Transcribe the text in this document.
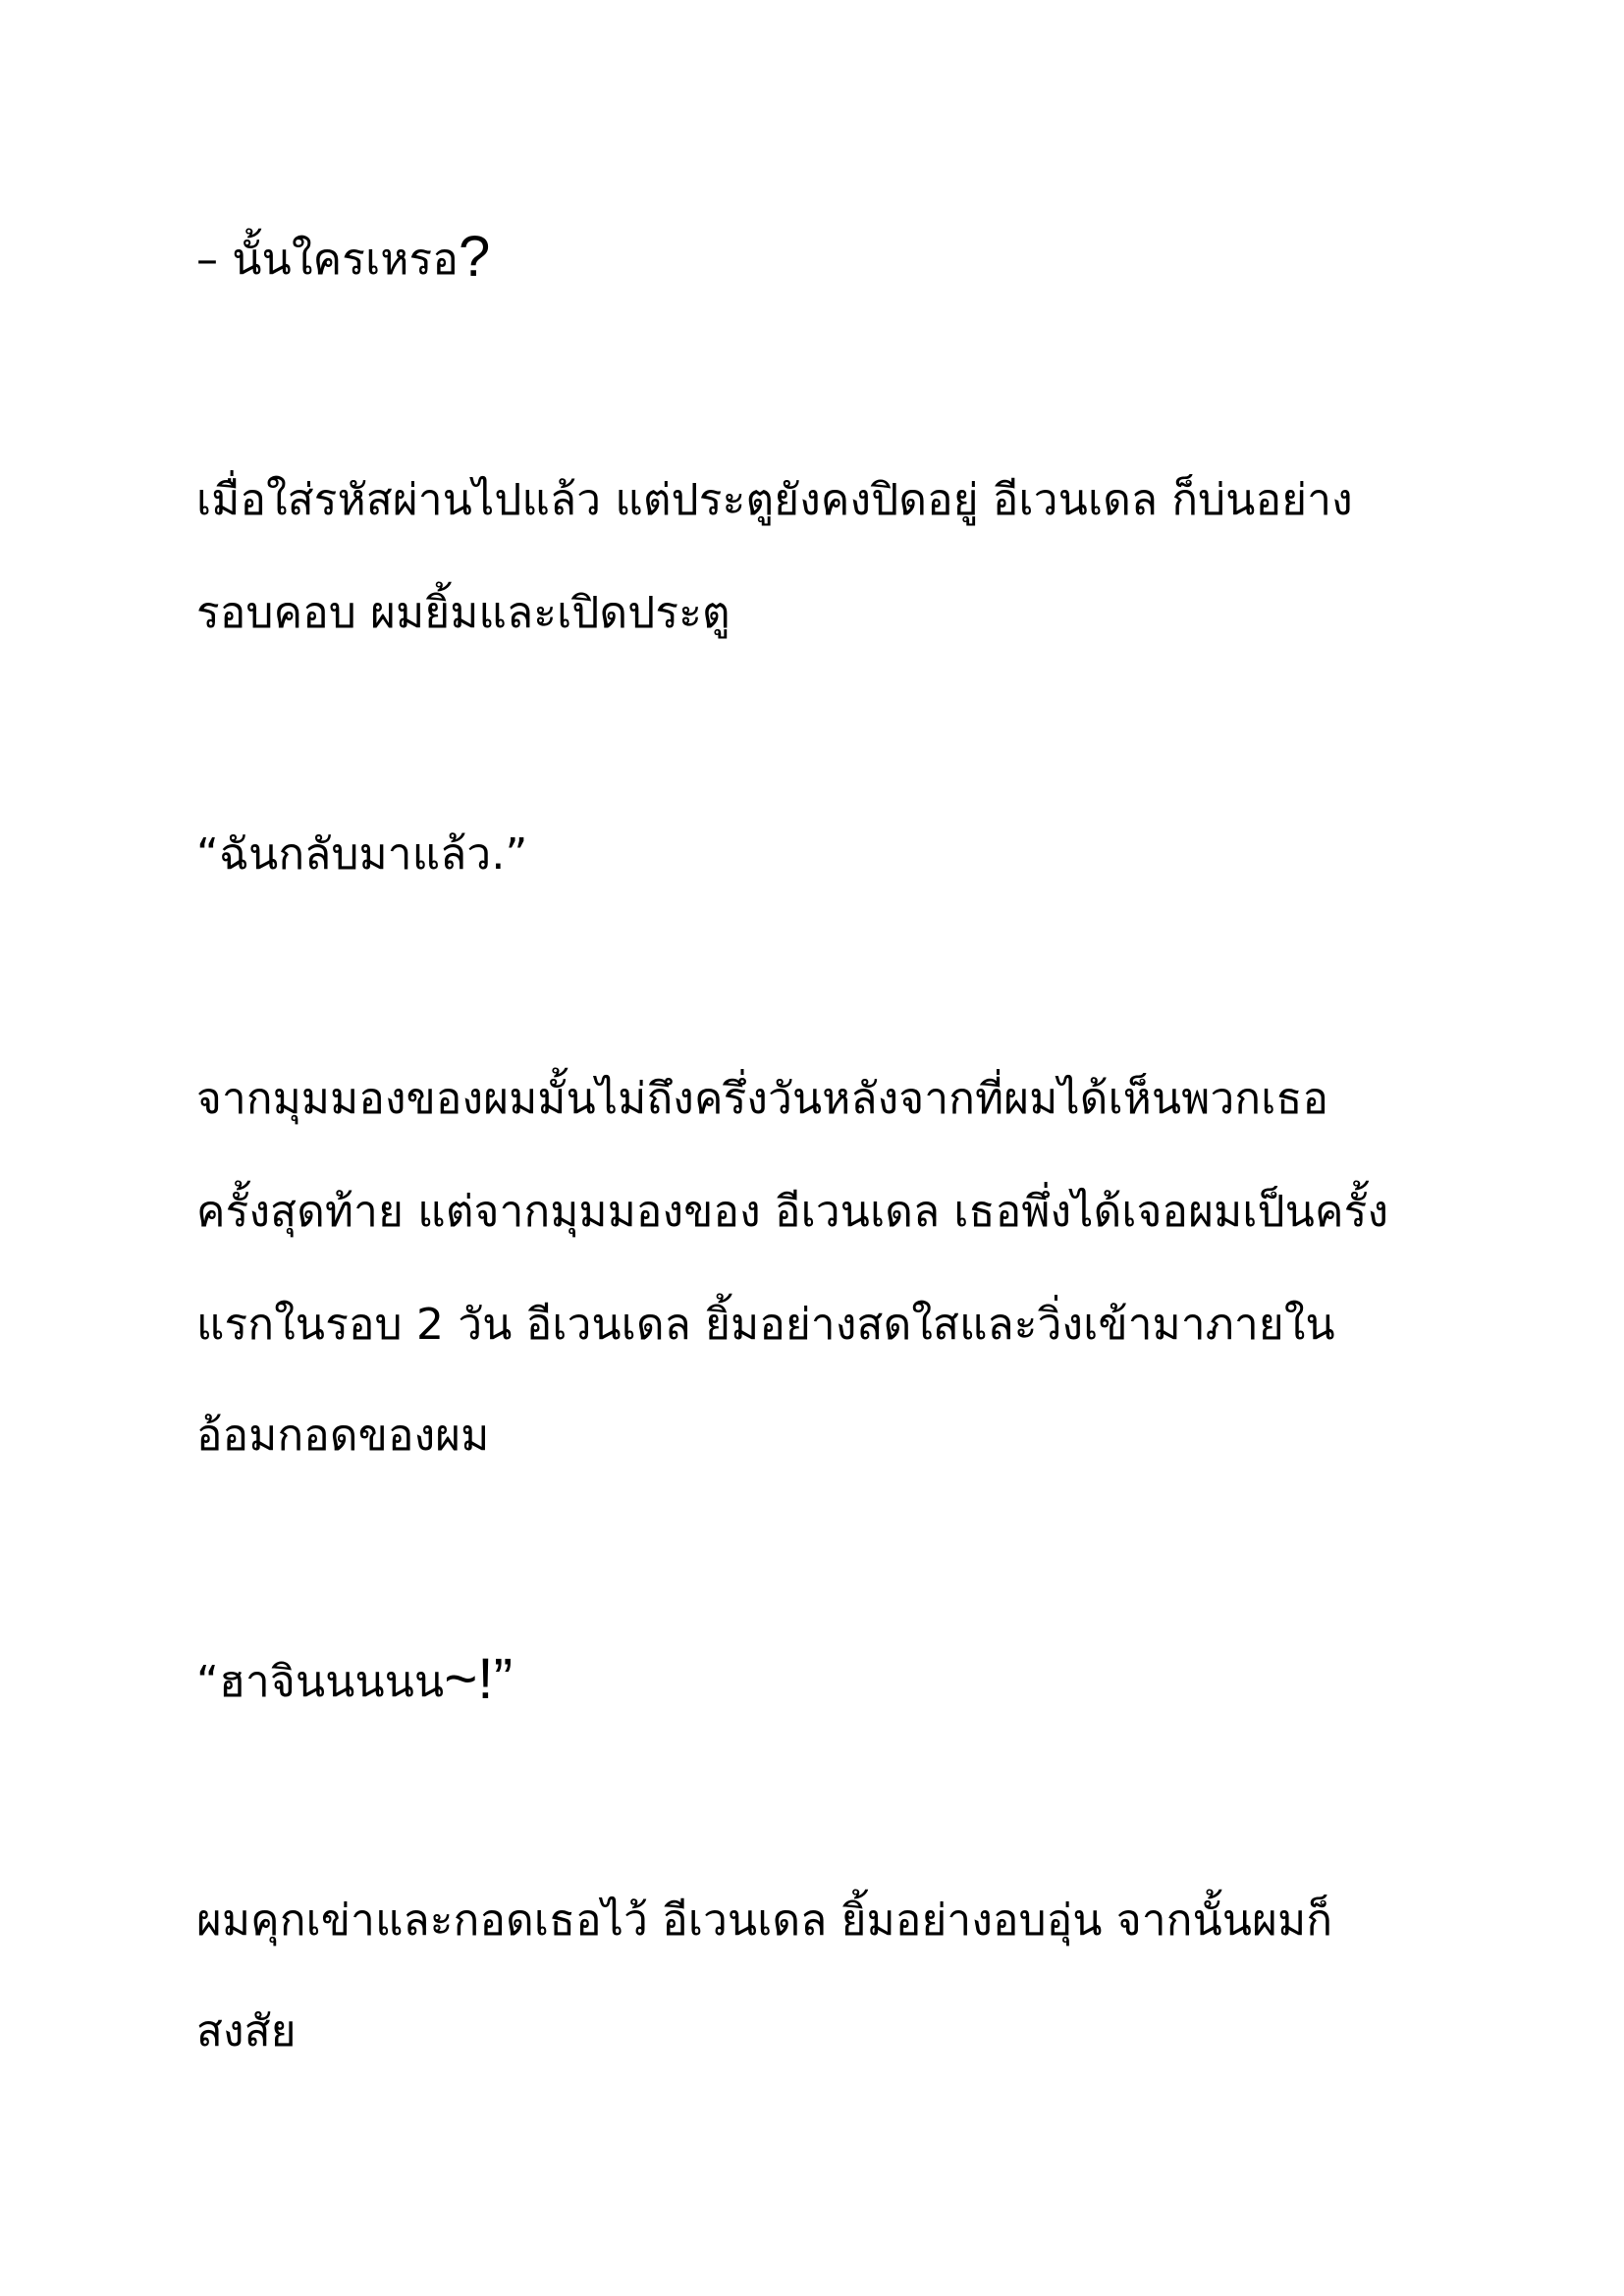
– นั้นใครเหรอ?
เมื่อใส่รหัสผ่านไปแล้ว แต่ประตูยังคงปิดอยู่ อีเวนเดล ก็บ่นอย่าง
รอบคอบ ผมยิ้มและเปิดประตู
“ฉันกลับมาแล้ว.”
จากมุมมองของผมมั้นไม่ถึงครึ่งวันหลังจากที่ผมได้เห็นพวกเธอ
ครั้งสุดท้าย แต่จากมุมมองของ อีเวนเดล เธอพึ่งได้เจอผมเป็นครั้ง
แรกในรอบ 2 วัน อีเวนเดล ยิ้มอย่างสดใสและวิ่งเข้ามาภายใน
อ้อมกอดของผม
“ฮาจินนนนน~!”
ผมคุกเข่าและกอดเธอไว้ อีเวนเดล ยิ้มอย่างอบอุ่น จากนั้นผมก็
สงสัย
